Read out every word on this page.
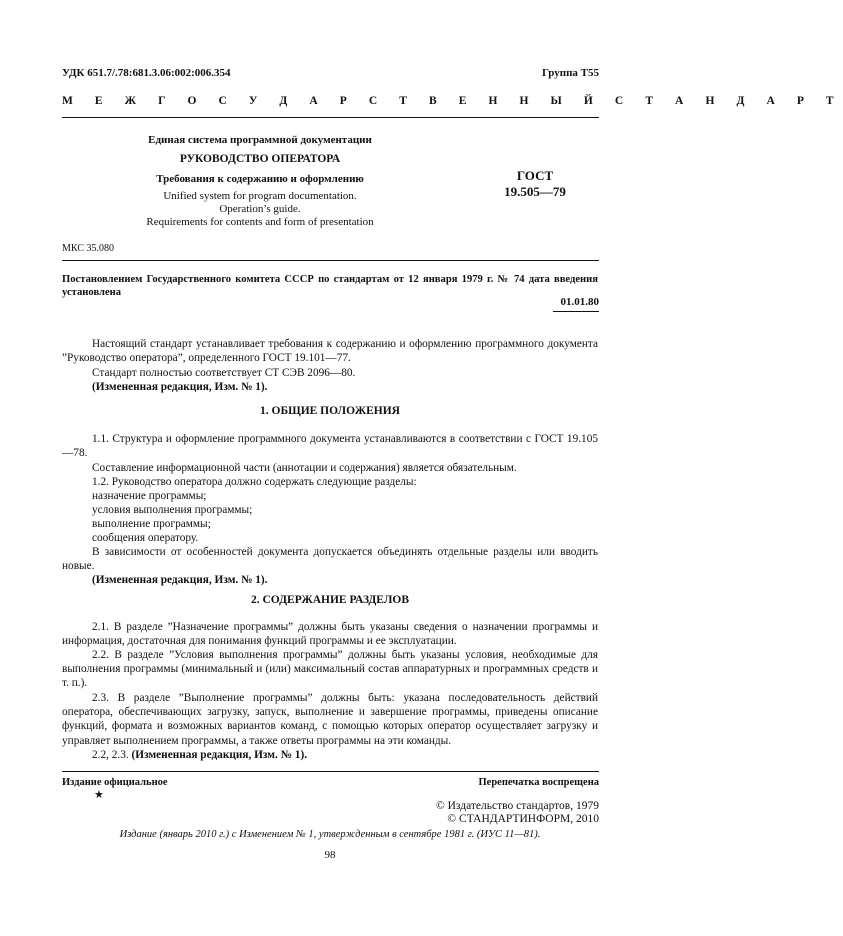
УДК 651.7/.78:681.3.06:002:006.354	Группа Т55
М Е Ж Г О С У Д А Р С Т В Е Н Н Ы Й С Т А Н Д А Р Т
Единая система программной документации
РУКОВОДСТВО ОПЕРАТОРА
Требования к содержанию и оформлению
Unified system for program documentation.
Operation’s guide.
Requirements for contents and form of presentation
ГОСТ
19.505—79
МКС 35.080

Постановлением Государственного комитета СССР по стандартам от 12 января 1979 г. № 74 дата введения установлена

01.01.80

Настоящий стандарт устанавливает требования к содержанию и оформлению программного документа ”Руководство оператора”, определенного ГОСТ 19.101—77.

Стандарт полностью соответствует СТ СЭВ 2096—80.

(Измененная редакция, Изм. № 1).

1. ОБЩИЕ ПОЛОЖЕНИЯ

1.1. Структура и оформление программного документа устанавливаются в соответствии с ГОСТ 19.105—78.

Составление информационной части (аннотации и содержания) является обязательным.

1.2. Руководство оператора должно содержать следующие разделы:

назначение программы;

условия выполнения программы;

выполнение программы;

сообщения оператору.

В зависимости от особенностей документа допускается объединять отдельные разделы или вводить новые.

(Измененная редакция, Изм. № 1).

2. СОДЕРЖАНИЕ РАЗДЕЛОВ

2.1. В разделе ”Назначение программы” должны быть указаны сведения о назначении программы и информация, достаточная для понимания функций программы и ее эксплуатации.

2.2. В разделе ”Условия выполнения программы” должны быть указаны условия, необходимые для выполнения программы (минимальный и (или) максимальный состав аппаратурных и программных средств и т. п.).

2.3. В разделе ”Выполнение программы” должны быть: указана последовательность действий оператора, обеспечивающих загрузку, запуск, выполнение и завершение программы, приведены описание функций, формата и возможных вариантов команд, с помощью которых оператор осуществляет загрузку и управляет выполнением программы, а также ответы программы на эти команды.

2.2, 2.3. (Измененная редакция, Изм. № 1).

Издание официальное
★
Перепечатка воспрещена
© Издательство стандартов, 1979
© СТАНДАРТИНФОРМ, 2010
Издание (январь 2010 г.) с Изменением № 1, утвержденным в сентябре 1981 г. (ИУС 11—81).
98
